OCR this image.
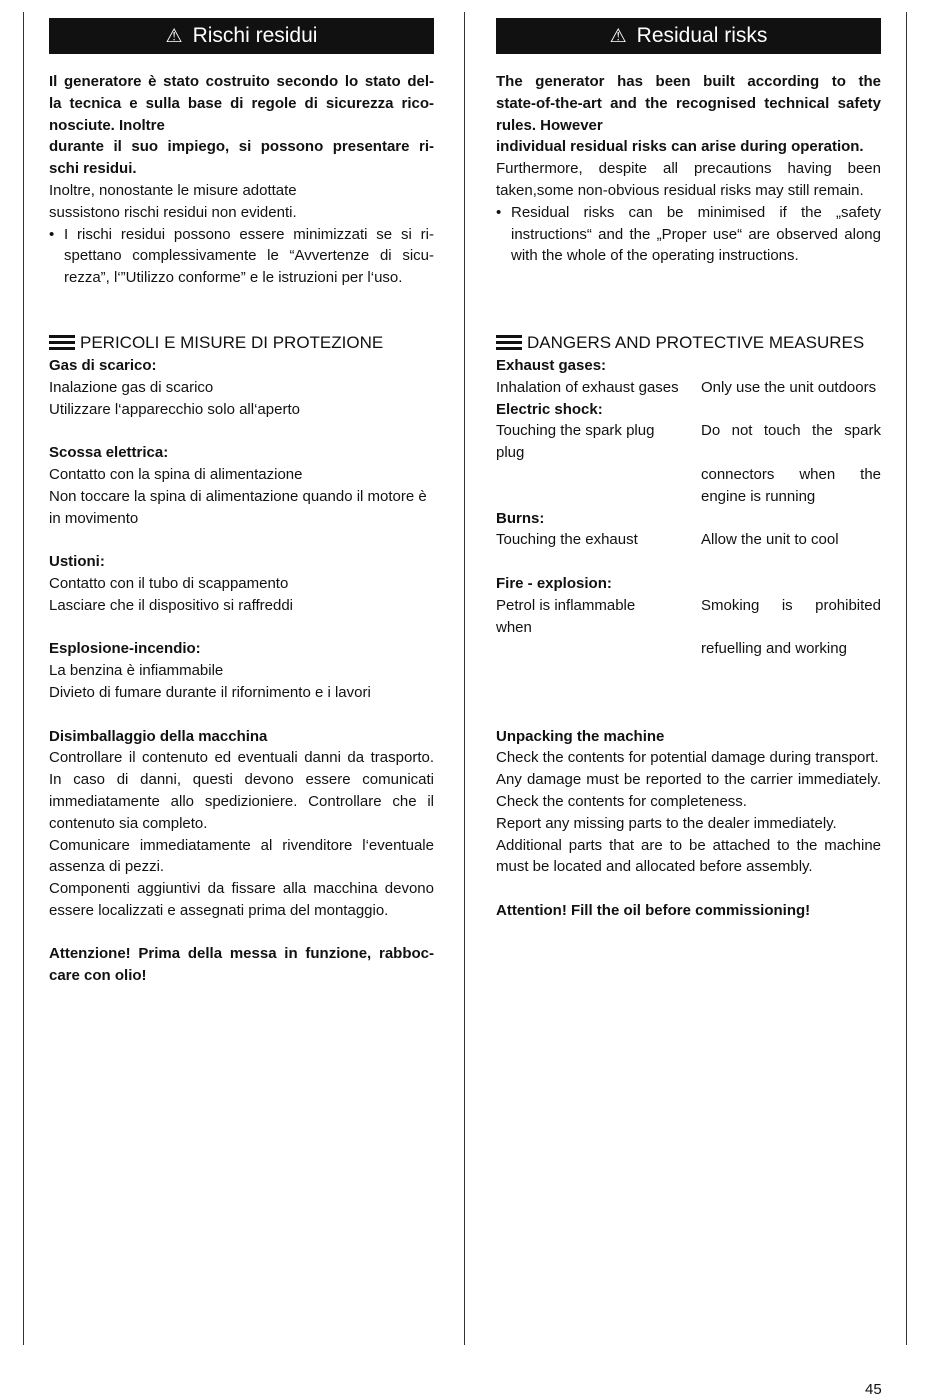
⚠ Rischi residui
Il generatore è stato costruito secondo lo stato del-
la tecnica e sulla base di regole di sicurezza rico-
nosciute. Inoltre
durante il suo impiego, si possono presentare ri-
schi residui.
Inoltre, nonostante le misure adottate
sussistono rischi residui non evidenti.
• I rischi residui possono essere minimizzati se si ri-spettano complessivamente le “Avvertenze di sicu-rezza”, l‘”Utilizzo conforme” e le istruzioni per l‘uso.
PERICOLI E MISURE DI PROTEZIONE
Gas di scarico:
Inalazione gas di scarico
Utilizzare l‘apparecchio solo all‘aperto
Scossa elettrica:
Contatto con la spina di alimentazione
Non toccare la spina di alimentazione quando il motore è in movimento
Ustioni:
Contatto con il tubo di scappamento
Lasciare che il dispositivo si raffreddi
Esplosione-incendio:
La benzina è infiammabile
Divieto di fumare durante il rifornimento e i lavori
Disimballaggio della macchina
Controllare il contenuto ed eventuali danni da trasporto. In caso di danni, questi devono essere comunicati immediatamente allo spedizioniere. Controllare che il contenuto sia completo.
Comunicare immediatamente al rivenditore l‘eventuale assenza di pezzi.
Componenti aggiuntivi da fissare alla macchina devono essere localizzati e assegnati prima del montaggio.
Attenzione! Prima della messa in funzione, rabboc-
care con olio!
⚠ Residual risks
The generator has been built according to the
state-of-the-art and the recognised technical safety
rules. However
individual residual risks can arise during operation.
Furthermore, despite all precautions having been taken,some non-obvious residual risks may still remain.
• Residual risks can be minimised if the „safety instructions“ and the „Proper use“ are observed along with the whole of the operating instructions.
DANGERS AND PROTECTIVE MEASURES
Exhaust gases:
Inhalation of exhaust gases	Only use the unit outdoors
Electric shock:
Touching the spark plug plug
Do not touch the spark
connectors when the engine is running
Burns:
Touching the exhaust	Allow the unit to cool
Fire - explosion:
Petrol is inflammable when
Smoking is prohibited
refuelling and working
Unpacking the machine
Check the contents for potential damage during transport.
Any damage must be reported to the carrier immediately. Check the contents for completeness.
Report any missing parts to the dealer immediately.
Additional parts that are to be attached to the machine must be located and allocated before assembly.
Attention! Fill the oil before commissioning!
45
